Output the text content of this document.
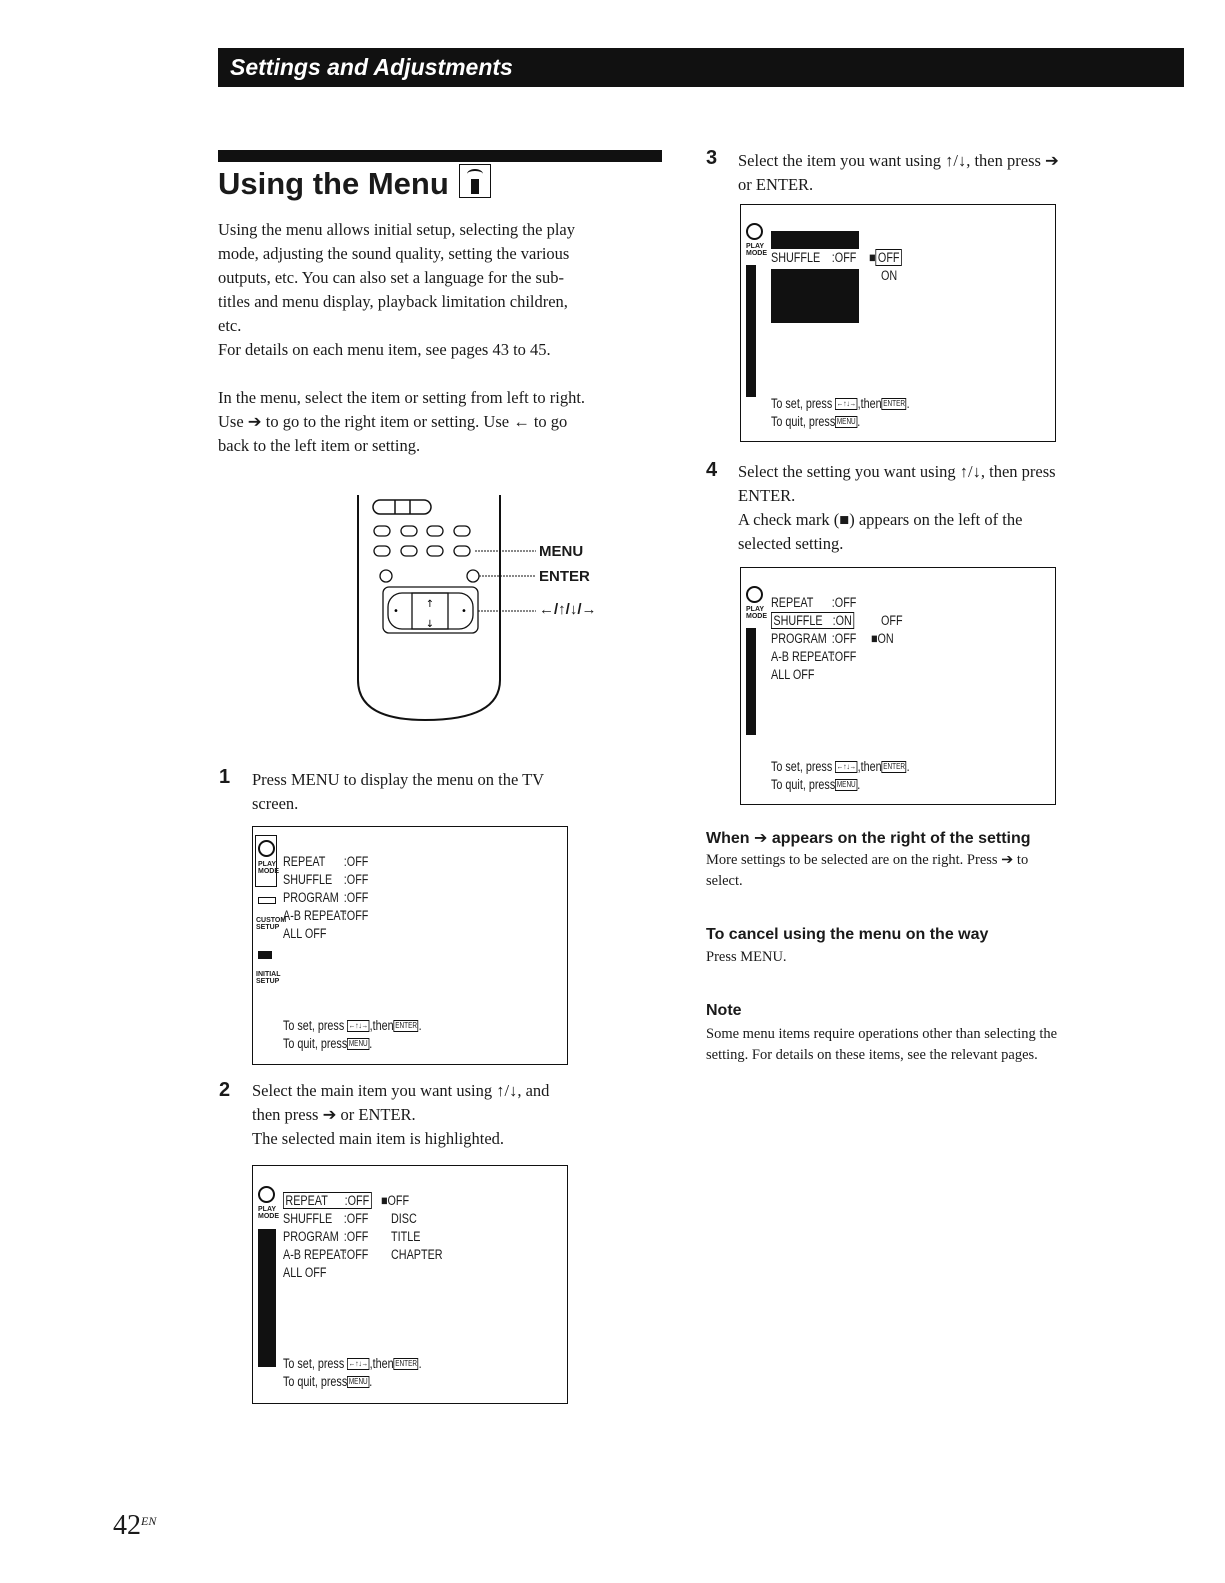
Settings and Adjustments
Using the Menu

Using the menu allows initial setup, selecting the play

mode, adjusting the sound quality, setting the various

outputs, etc. You can also set a language for the sub-

titles and menu display, playback limitation children,

etc.

For details on each menu item, see pages 43 to 45.

In the menu, select the item or setting from left to right.

Use ➔ to go to the right item or setting. Use ← to go

back to the left item or setting.

↑
↓
•	•
MENU
ENTER
←/↑/↓/→
1 Press MENU to display the menu on the TV

screen.

PLAY MODE
CUSTOM SETUP
INITIAL SETUP
REPEAT :OFF
SHUFFLE :OFF
PROGRAM :OFF
A-B REPEAT:OFF
ALL OFF
To set, press ←↑↓→ ,then ENTER .
To quit, press MENU .
2 Select the main item you want using ↑/↓, and

then press ➔ or ENTER.

The selected main item is highlighted.

PLAY MODE
REPEAT :OFF
SHUFFLE :OFF
PROGRAM :OFF
A-B REPEAT:OFF
ALL OFF
■OFF
DISC
TITLE
CHAPTER
To set, press ←↑↓→ ,then ENTER .
To quit, press MENU .
3 Select the item you want using ↑/↓, then press ➔

or ENTER.

PLAY MODE SHUFFLE :OFF ■ OFF
ON
To set, press ←↑↓→ ,then ENTER .
To quit, press MENU .
4 Select the setting you want using ↑/↓, then press

ENTER.

A check mark (■) appears on the left of the

selected setting.

PLAY MODE
REPEAT :OFF
SHUFFLE :ON
PROGRAM :OFF
A-B REPEAT:OFF
ALL OFF
OFF
■ON
To set, press ←↑↓→ ,then ENTER .
To quit, press MENU .
When ➔ appears on the right of the setting
More settings to be selected are on the right. Press ➔ to
select.
To cancel using the menu on the way
Press MENU.
Note
Some menu items require operations other than selecting the
setting. For details on these items, see the relevant pages.
$42^{EN}$
